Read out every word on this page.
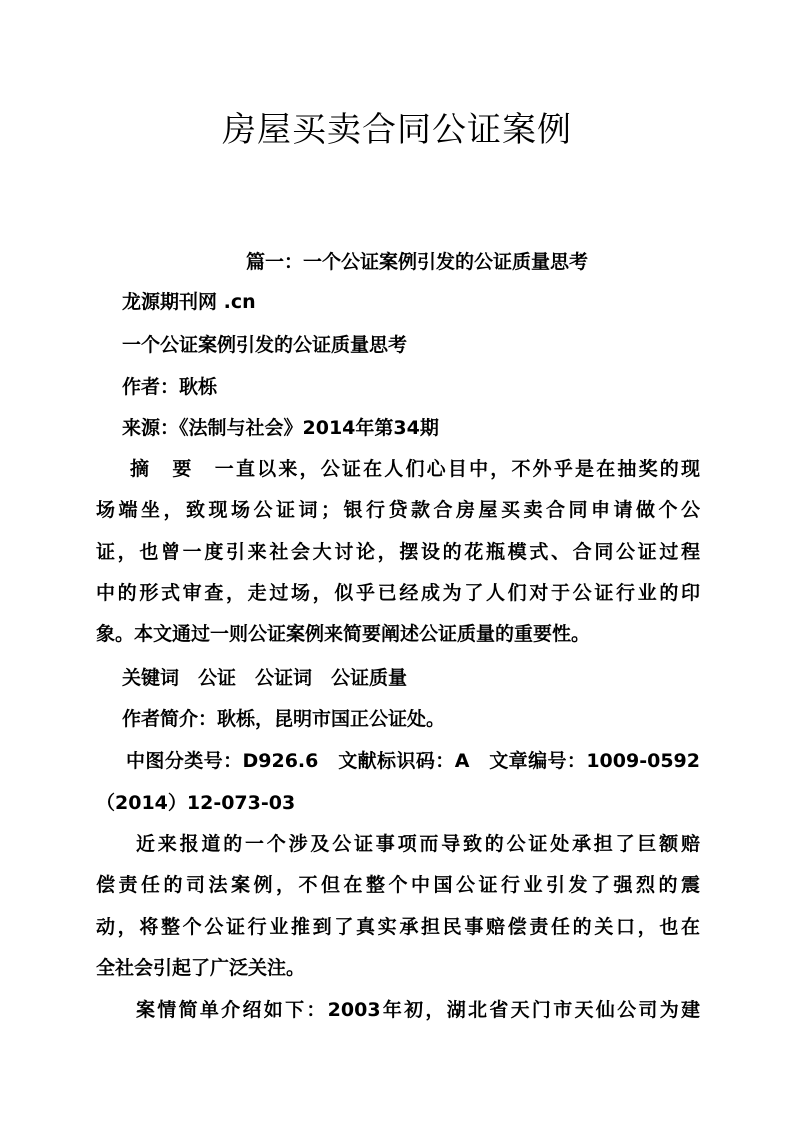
房屋买卖合同公证案例
篇一：一个公证案例引发的公证质量思考
龙源期刊网 .cn
一个公证案例引发的公证质量思考
作者：耿栎
来源：《法制与社会》2014年第34期
摘　要　一直以来，公证在人们心目中，不外乎是在抽奖的现
场端坐，致现场公证词；银行贷款合房屋买卖合同申请做个公
证，也曾一度引来社会大讨论，摆设的花瓶模式、合同公证过程
中的形式审查，走过场，似乎已经成为了人们对于公证行业的印
象。本文通过一则公证案例来简要阐述公证质量的重要性。
关键词　公证　公证词　公证质量
作者简介：耿栎，昆明市国正公证处。
中图分类号：D926.6　文献标识码：A　文章编号：1009-0592
（2014）12-073-03
近来报道的一个涉及公证事项而导致的公证处承担了巨额赔
偿责任的司法案例，不但在整个中国公证行业引发了强烈的震
动，将整个公证行业推到了真实承担民事赔偿责任的关口，也在
全社会引起了广泛关注。
案情简单介绍如下：2003年初，湖北省天门市天仙公司为建
